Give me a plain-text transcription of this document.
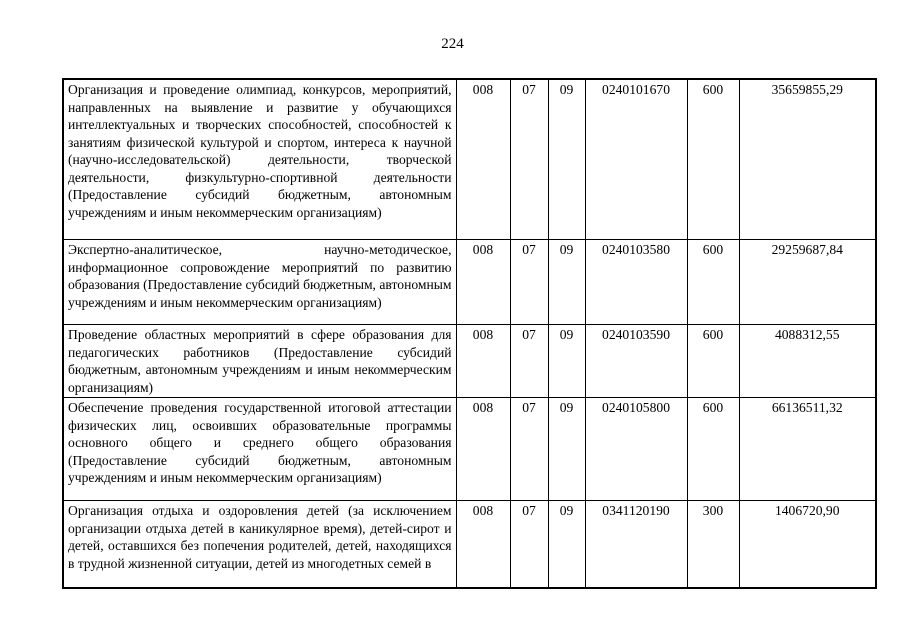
224
Организация и проведение олимпиад, конкурсов, мероприятий, направленных на выявление и развитие у обучающихся интеллектуальных и творческих способностей, способностей к занятиям физической культурой и спортом, интереса к научной (научно-исследовательской) деятельности, творческой деятельности, физкультурно-спортивной деятельности (Предоставление субсидий бюджетным, автономным учреждениям и иным некоммерческим организациям)	008	07	09	0240101670	600	35659855,29
Экспертно-аналитическое, научно-методическое, информационное сопровождение мероприятий по развитию образования (Предоставление субсидий бюджетным, автономным учреждениям и иным некоммерческим организациям)	008	07	09	0240103580	600	29259687,84
Проведение областных мероприятий в сфере образования для педагогических работников (Предоставление субсидий бюджетным, автономным учреждениям и иным некоммерческим организациям)	008	07	09	0240103590	600	4088312,55
Обеспечение проведения государственной итоговой аттестации физических лиц, освоивших образовательные программы основного общего и среднего общего образования (Предоставление субсидий бюджетным, автономным учреждениям и иным некоммерческим организациям)	008	07	09	0240105800	600	66136511,32
Организация отдыха и оздоровления детей (за исключением организации отдыха детей в каникулярное время), детей-сирот и детей, оставшихся без попечения родителей, детей, находящихся в трудной жизненной ситуации, детей из многодетных семей в	008	07	09	0341120190	300	1406720,90
